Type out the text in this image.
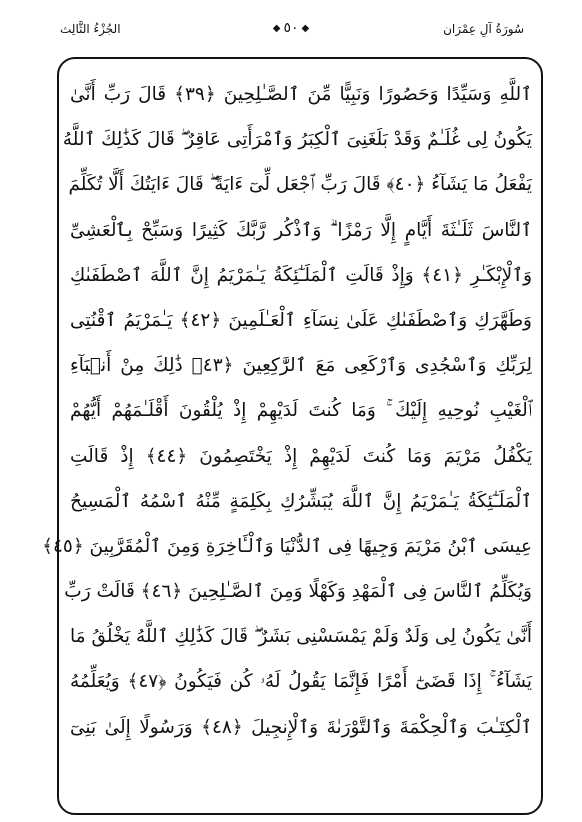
الجُزْءُ الثَّالِث	◆ ٥٠ ◆	سُورَةُ آلِ عِمْرَان
ٱللَّهِ وَسَيِّدًا وَحَصُورًا وَنَبِيًّا مِّنَ ٱلصَّـٰلِحِينَ ﴿٣٩﴾ قَالَ رَبِّ أَنَّىٰ
يَكُونُ لِى غُلَـٰمٌ وَقَدْ بَلَغَنِىَ ٱلْكِبَرُ وَٱمْرَأَتِى عَاقِرٌ ۖ قَالَ كَذَٰلِكَ ٱللَّهُ
يَفْعَلُ مَا يَشَآءُ ﴿٤٠﴾ قَالَ رَبِّ ٱجْعَل لِّىٓ ءَايَةً ۖ قَالَ ءَايَتُكَ أَلَّا تُكَلِّمَ
ٱلنَّاسَ ثَلَـٰثَةَ أَيَّامٍ إِلَّا رَمْزًا ۗ وَٱذْكُر رَّبَّكَ كَثِيرًا وَسَبِّحْ بِٱلْعَشِىِّ
وَٱلْإِبْكَـٰرِ ﴿٤١﴾ وَإِذْ قَالَتِ ٱلْمَلَـٰٓئِكَةُ يَـٰمَرْيَمُ إِنَّ ٱللَّهَ ٱصْطَفَىٰكِ
وَطَهَّرَكِ وَٱصْطَفَىٰكِ عَلَىٰ نِسَآءِ ٱلْعَـٰلَمِينَ ﴿٤٢﴾ يَـٰمَرْيَمُ ٱقْنُتِى
لِرَبِّكِ وَٱسْجُدِى وَٱرْكَعِى مَعَ ٱلرَّٰكِعِينَ ﴿٤٣﴾ ذَٰلِكَ مِنْ أَنۢبَآءِ
ٱلْغَيْبِ نُوحِيهِ إِلَيْكَ ۚ وَمَا كُنتَ لَدَيْهِمْ إِذْ يُلْقُونَ أَقْلَـٰمَهُمْ أَيُّهُمْ
يَكْفُلُ مَرْيَمَ وَمَا كُنتَ لَدَيْهِمْ إِذْ يَخْتَصِمُونَ ﴿٤٤﴾ إِذْ قَالَتِ
ٱلْمَلَـٰٓئِكَةُ يَـٰمَرْيَمُ إِنَّ ٱللَّهَ يُبَشِّرُكِ بِكَلِمَةٍ مِّنْهُ ٱسْمُهُ ٱلْمَسِيحُ
عِيسَى ٱبْنُ مَرْيَمَ وَجِيهًا فِى ٱلدُّنْيَا وَٱلْـَٔاخِرَةِ وَمِنَ ٱلْمُقَرَّبِينَ ﴿٤٥﴾
وَيُكَلِّمُ ٱلنَّاسَ فِى ٱلْمَهْدِ وَكَهْلًا وَمِنَ ٱلصَّـٰلِحِينَ ﴿٤٦﴾ قَالَتْ رَبِّ
أَنَّىٰ يَكُونُ لِى وَلَدٌ وَلَمْ يَمْسَسْنِى بَشَرٌ ۖ قَالَ كَذَٰلِكِ ٱللَّهُ يَخْلُقُ مَا
يَشَآءُ ۚ إِذَا قَضَىٰٓ أَمْرًا فَإِنَّمَا يَقُولُ لَهُۥ كُن فَيَكُونُ ﴿٤٧﴾ وَيُعَلِّمُهُ
ٱلْكِتَـٰبَ وَٱلْحِكْمَةَ وَٱلتَّوْرَىٰةَ وَٱلْإِنجِيلَ ﴿٤٨﴾ وَرَسُولًا إِلَىٰ بَنِىٓ
